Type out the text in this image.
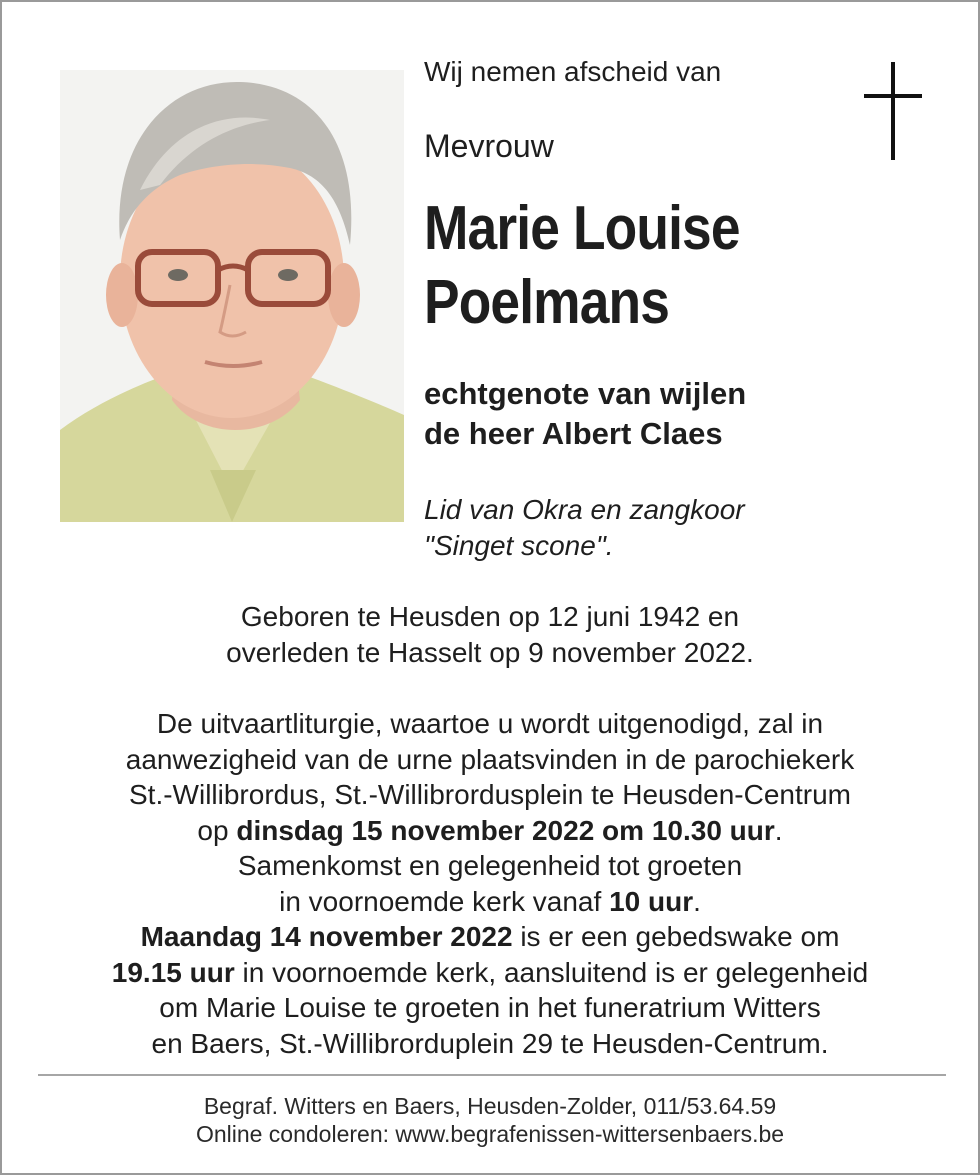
Wij nemen afscheid van
Mevrouw
Marie Louise
Poelmans
echtgenote van wijlen
de heer Albert Claes
Lid van Okra en zangkoor
"Singet scone".
Geboren te Heusden op 12 juni 1942 en
overleden te Hasselt op 9 november 2022.
De uitvaartliturgie, waartoe u wordt uitgenodigd, zal in
aanwezigheid van de urne plaatsvinden in de parochiekerk
St.-Willibrordus, St.-Willibrordusplein te Heusden-Centrum
op dinsdag 15 november 2022 om 10.30 uur.
Samenkomst en gelegenheid tot groeten
in voornoemde kerk vanaf 10 uur.
Maandag 14 november 2022 is er een gebedswake om
19.15 uur in voornoemde kerk, aansluitend is er gelegenheid
om Marie Louise te groeten in het funeratrium Witters
en Baers, St.-Willibrorduplein 29 te Heusden-Centrum.
Begraf. Witters en Baers, Heusden-Zolder, 011/53.64.59
Online condoleren: www.begrafenissen-wittersenbaers.be
